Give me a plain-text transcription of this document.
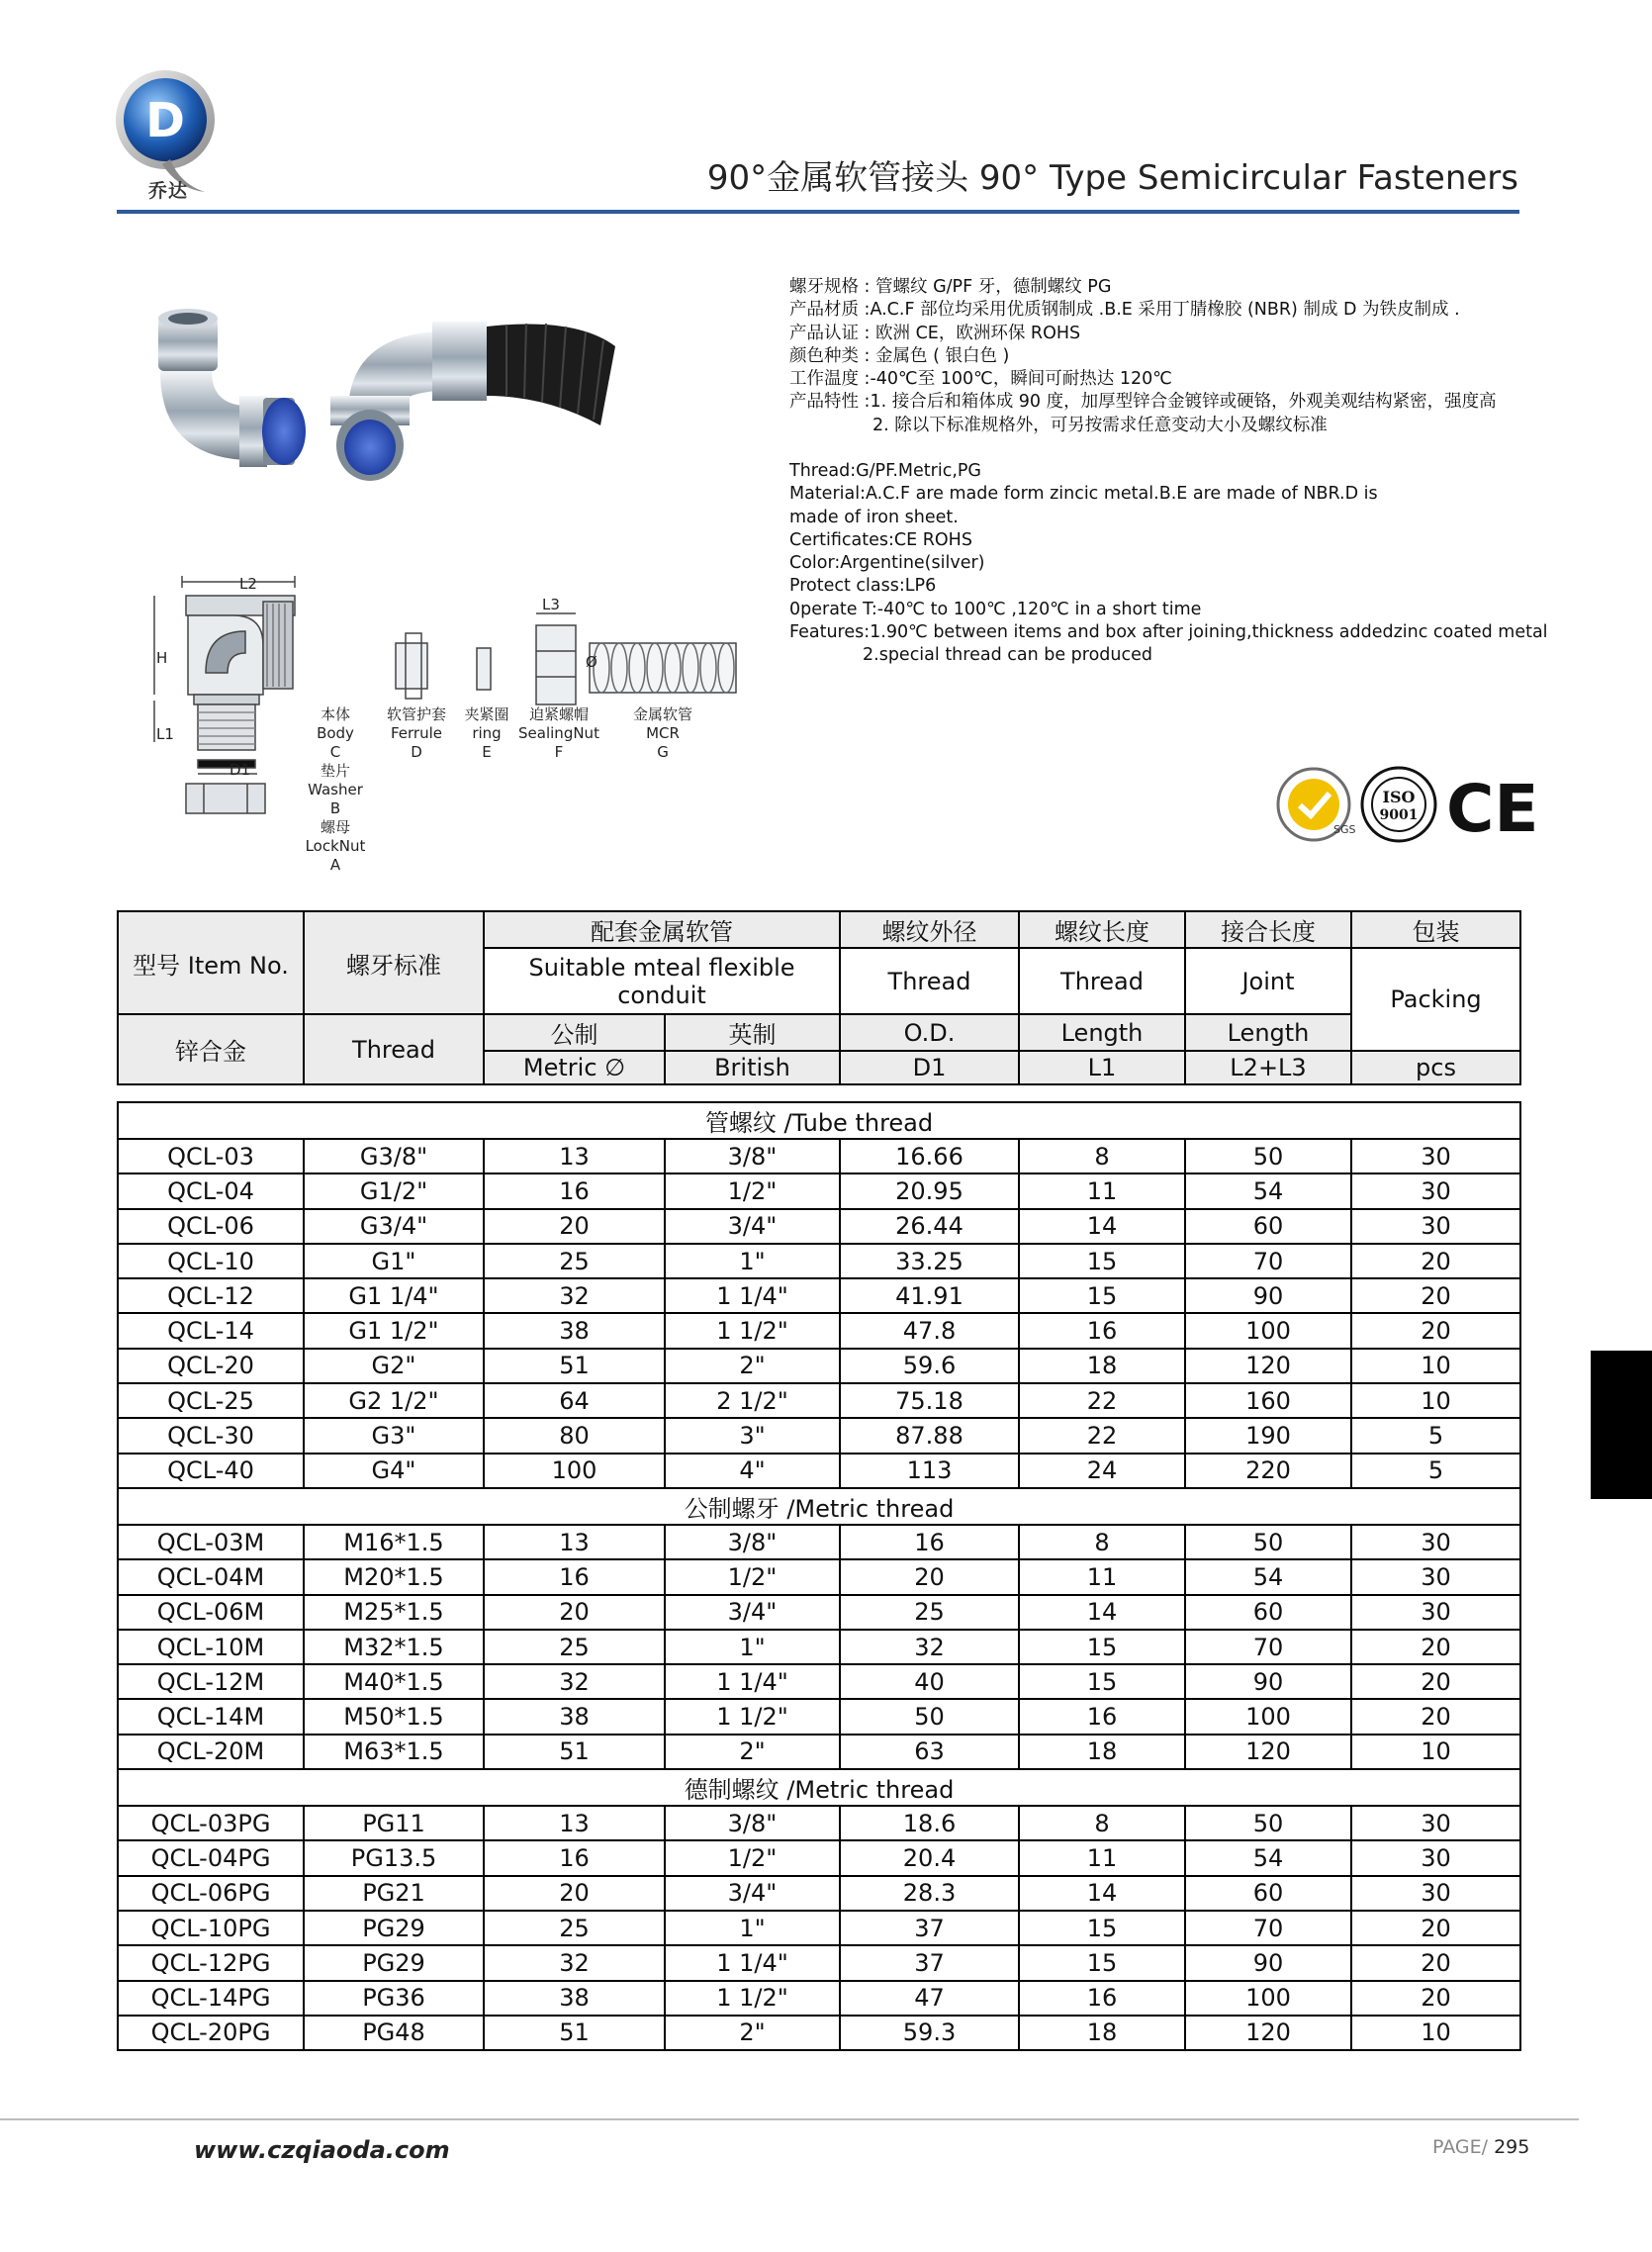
D
乔达	90°金属软管接头 90° Type Semicircular Fasteners
L2
L3
H
L1
D1
Ø
本体
Body
C
软管护套
Ferrule
D
夹紧圈
ring
E
迫紧螺帽
SealingNut
F
金属软管
MCR
G
垫片
Washer
B
螺母
LockNut
A
螺牙规格 : 管螺纹 G/PF 牙，德制螺纹 PG
产品材质 :A.C.F 部位均采用优质钢制成 .B.E 采用丁腈橡胶 (NBR) 制成 D 为铁皮制成 .
产品认证 : 欧洲 CE，欧洲环保 ROHS
颜色种类 : 金属色 ( 银白色 )
工作温度 :-40℃至 100℃，瞬间可耐热达 120℃
产品特性 :1. 接合后和箱体成 90 度，加厚型锌合金镀锌或硬铬，外观美观结构紧密，强度高
2. 除以下标准规格外，可另按需求任意变动大小及螺纹标准
Thread:G/PF.Metric,PG
Material:A.C.F are made form zincic metal.B.E are made of NBR.D is
made of iron sheet.
Certificates:CE ROHS
Color:Argentine(silver)
Protect class:LP6
0perate T:-40℃ to 100℃ ,120℃ in a short time
Features:1.90℃ between items and box after joining,thickness addedzinc coated metal
2.special thread can be produced
SGS
ISO
9001 CE
型号 Item No.	螺牙标准	配套金属软管		螺纹外径	螺纹长度	接合长度	包装
		Suitable mteal flexible conduit		Thread	Thread	Joint	Packing
锌合金	Thread	公制	英制	O.D.	Length	Length	
		Metric ∅	British	D1	L1	L2+L3	pcs
管螺纹 /Tube thread							
QCL-03	G3/8"	13	3/8"	16.66	8	50	30
QCL-04	G1/2"	16	1/2"	20.95	11	54	30
QCL-06	G3/4"	20	3/4"	26.44	14	60	30
QCL-10	G1"	25	1"	33.25	15	70	20
QCL-12	G1 1/4"	32	1 1/4"	41.91	15	90	20
QCL-14	G1 1/2"	38	1 1/2"	47.8	16	100	20
QCL-20	G2"	51	2"	59.6	18	120	10
QCL-25	G2 1/2"	64	2 1/2"	75.18	22	160	10
QCL-30	G3"	80	3"	87.88	22	190	5
QCL-40	G4"	100	4"	113	24	220	5
公制螺牙 /Metric thread							
QCL-03M	M16*1.5	13	3/8"	16	8	50	30
QCL-04M	M20*1.5	16	1/2"	20	11	54	30
QCL-06M	M25*1.5	20	3/4"	25	14	60	30
QCL-10M	M32*1.5	25	1"	32	15	70	20
QCL-12M	M40*1.5	32	1 1/4"	40	15	90	20
QCL-14M	M50*1.5	38	1 1/2"	50	16	100	20
QCL-20M	M63*1.5	51	2"	63	18	120	10
德制螺纹 /Metric thread							
QCL-03PG	PG11	13	3/8"	18.6	8	50	30
QCL-04PG	PG13.5	16	1/2"	20.4	11	54	30
QCL-06PG	PG21	20	3/4"	28.3	14	60	30
QCL-10PG	PG29	25	1"	37	15	70	20
QCL-12PG	PG29	32	1 1/4"	37	15	90	20
QCL-14PG	PG36	38	1 1/2"	47	16	100	20
QCL-20PG	PG48	51	2"	59.3	18	120	10
www.czqiaoda.com	PAGE/ 295
